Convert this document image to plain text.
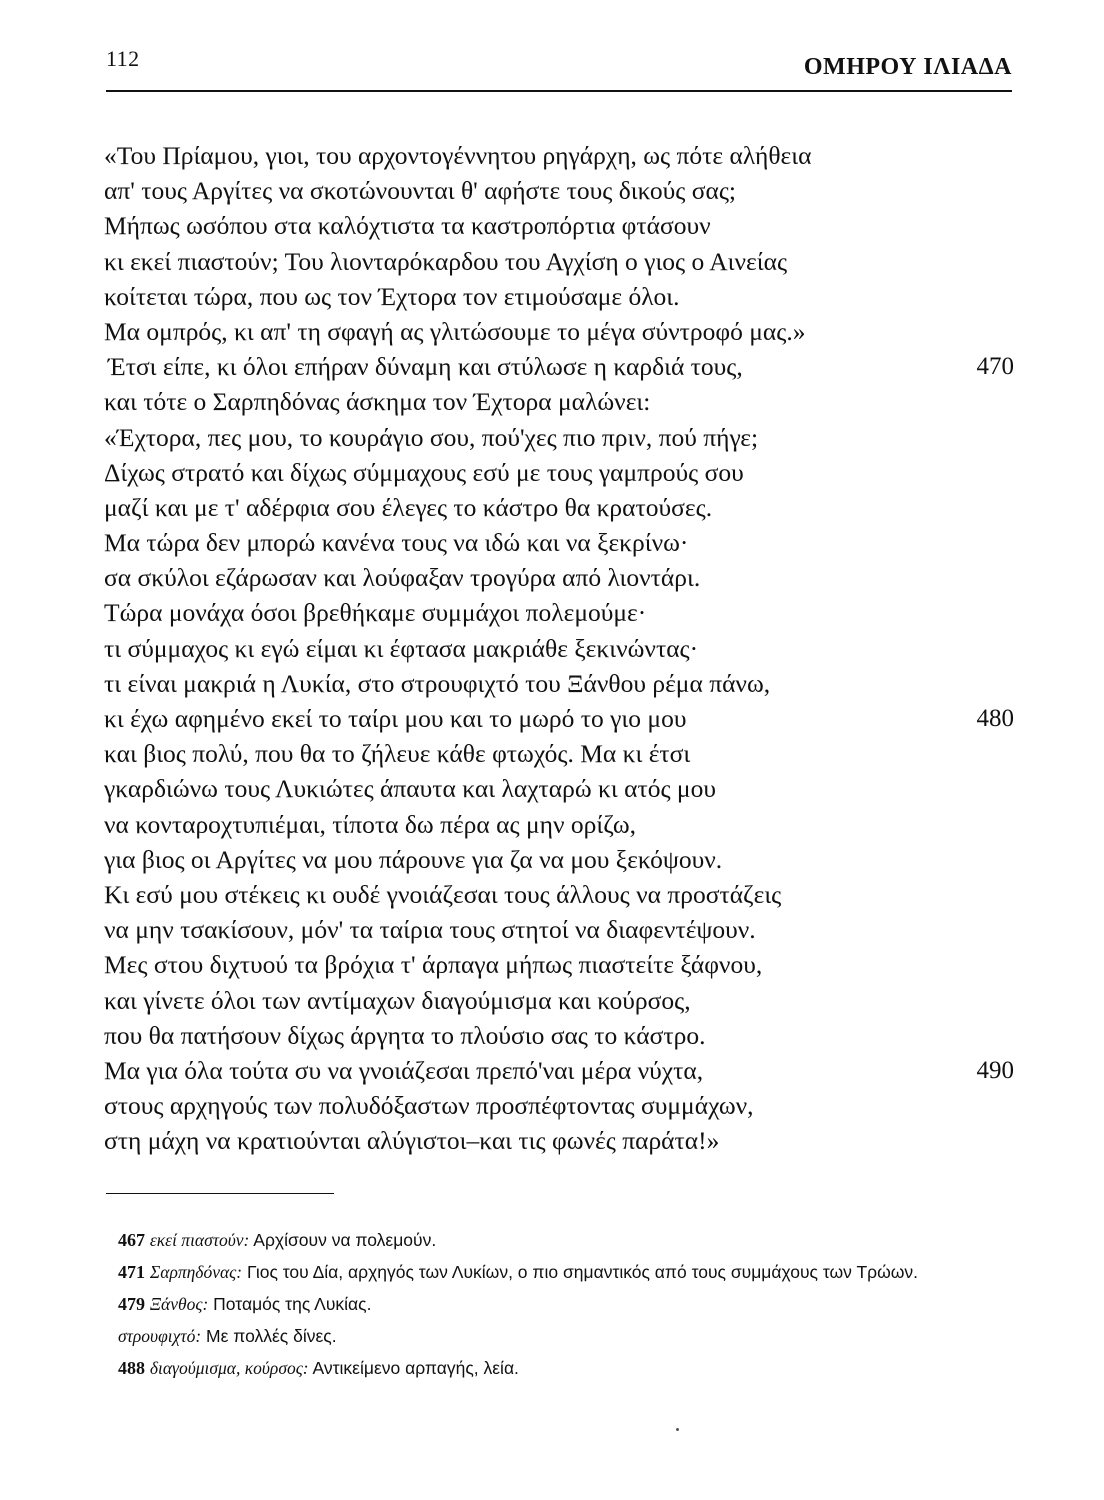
112	ΟΜΗΡΟΥ ΙΛΙΑΔΑ
«Του Πρίαμου, γιοι, του αρχοντογέννητου ρηγάρχη, ως πότε αλήθεια
απ' τους Αργίτες να σκοτώνουνται θ' αφήστε τους δικούς σας;
Μήπως ωσόπου στα καλόχτιστα τα καστροπόρτια φτάσουν
κι εκεί πιαστούν; Του λιονταρόκαρδου του Αγχίση ο γιος ο Αινείας
κοίτεται τώρα, που ως τον Έχτορα τον ετιμούσαμε όλοι.
Μα ομπρός, κι απ' τη σφαγή ας γλιτώσουμε το μέγα σύντροφό μας.»
Έτσι είπε, κι όλοι επήραν δύναμη και στύλωσε η καρδιά τους,	470
και τότε ο Σαρπηδόνας άσκημα τον Έχτορα μαλώνει:
«Έχτορα, πες μου, το κουράγιο σου, πού'χες πιο πριν, πού πήγε;
Δίχως στρατό και δίχως σύμμαχους εσύ με τους γαμπρούς σου
μαζί και με τ' αδέρφια σου έλεγες το κάστρο θα κρατούσες.
Μα τώρα δεν μπορώ κανένα τους να ιδώ και να ξεκρίνω·
σα σκύλοι εζάρωσαν και λούφαξαν τρογύρα από λιοντάρι.
Τώρα μονάχα όσοι βρεθήκαμε συμμάχοι πολεμούμε·
τι σύμμαχος κι εγώ είμαι κι έφτασα μακριάθε ξεκινώντας·
τι είναι μακριά η Λυκία, στο στρουφιχτό του Ξάνθου ρέμα πάνω,
κι έχω αφημένο εκεί το ταίρι μου και το μωρό το γιο μου	480
και βιος πολύ, που θα το ζήλευε κάθε φτωχός. Μα κι έτσι
γκαρδιώνω τους Λυκιώτες άπαυτα και λαχταρώ κι ατός μου
να κονταροχτυπιέμαι, τίποτα δω πέρα ας μην ορίζω,
για βιος οι Αργίτες να μου πάρουνε για ζα να μου ξεκόψουν.
Κι εσύ μου στέκεις κι ουδέ γνοιάζεσαι τους άλλους να προστάζεις
να μην τσακίσουν, μόν' τα ταίρια τους στητοί να διαφεντέψουν.
Μες στου διχτυού τα βρόχια τ' άρπαγα μήπως πιαστείτε ξάφνου,
και γίνετε όλοι των αντίμαχων διαγούμισμα και κούρσος,
που θα πατήσουν δίχως άργητα το πλούσιο σας το κάστρο.
Μα για όλα τούτα συ να γνοιάζεσαι πρεπό'ναι μέρα νύχτα,	490
στους αρχηγούς των πολυδόξαστων προσπέφτοντας συμμάχων,
στη μάχη να κρατιούνται αλύγιστοι–και τις φωνές παράτα!»
467 εκεί πιαστούν: Αρχίσουν να πολεμούν.
471 Σαρπηδόνας: Γιος του Δία, αρχηγός των Λυκίων, ο πιο σημαντικός από τους συμμάχους των Τρώων.
479 Ξάνθος: Ποταμός της Λυκίας.
στρουφιχτό: Με πολλές δίνες.
488 διαγούμισμα, κούρσος: Αντικείμενο αρπαγής, λεία.
